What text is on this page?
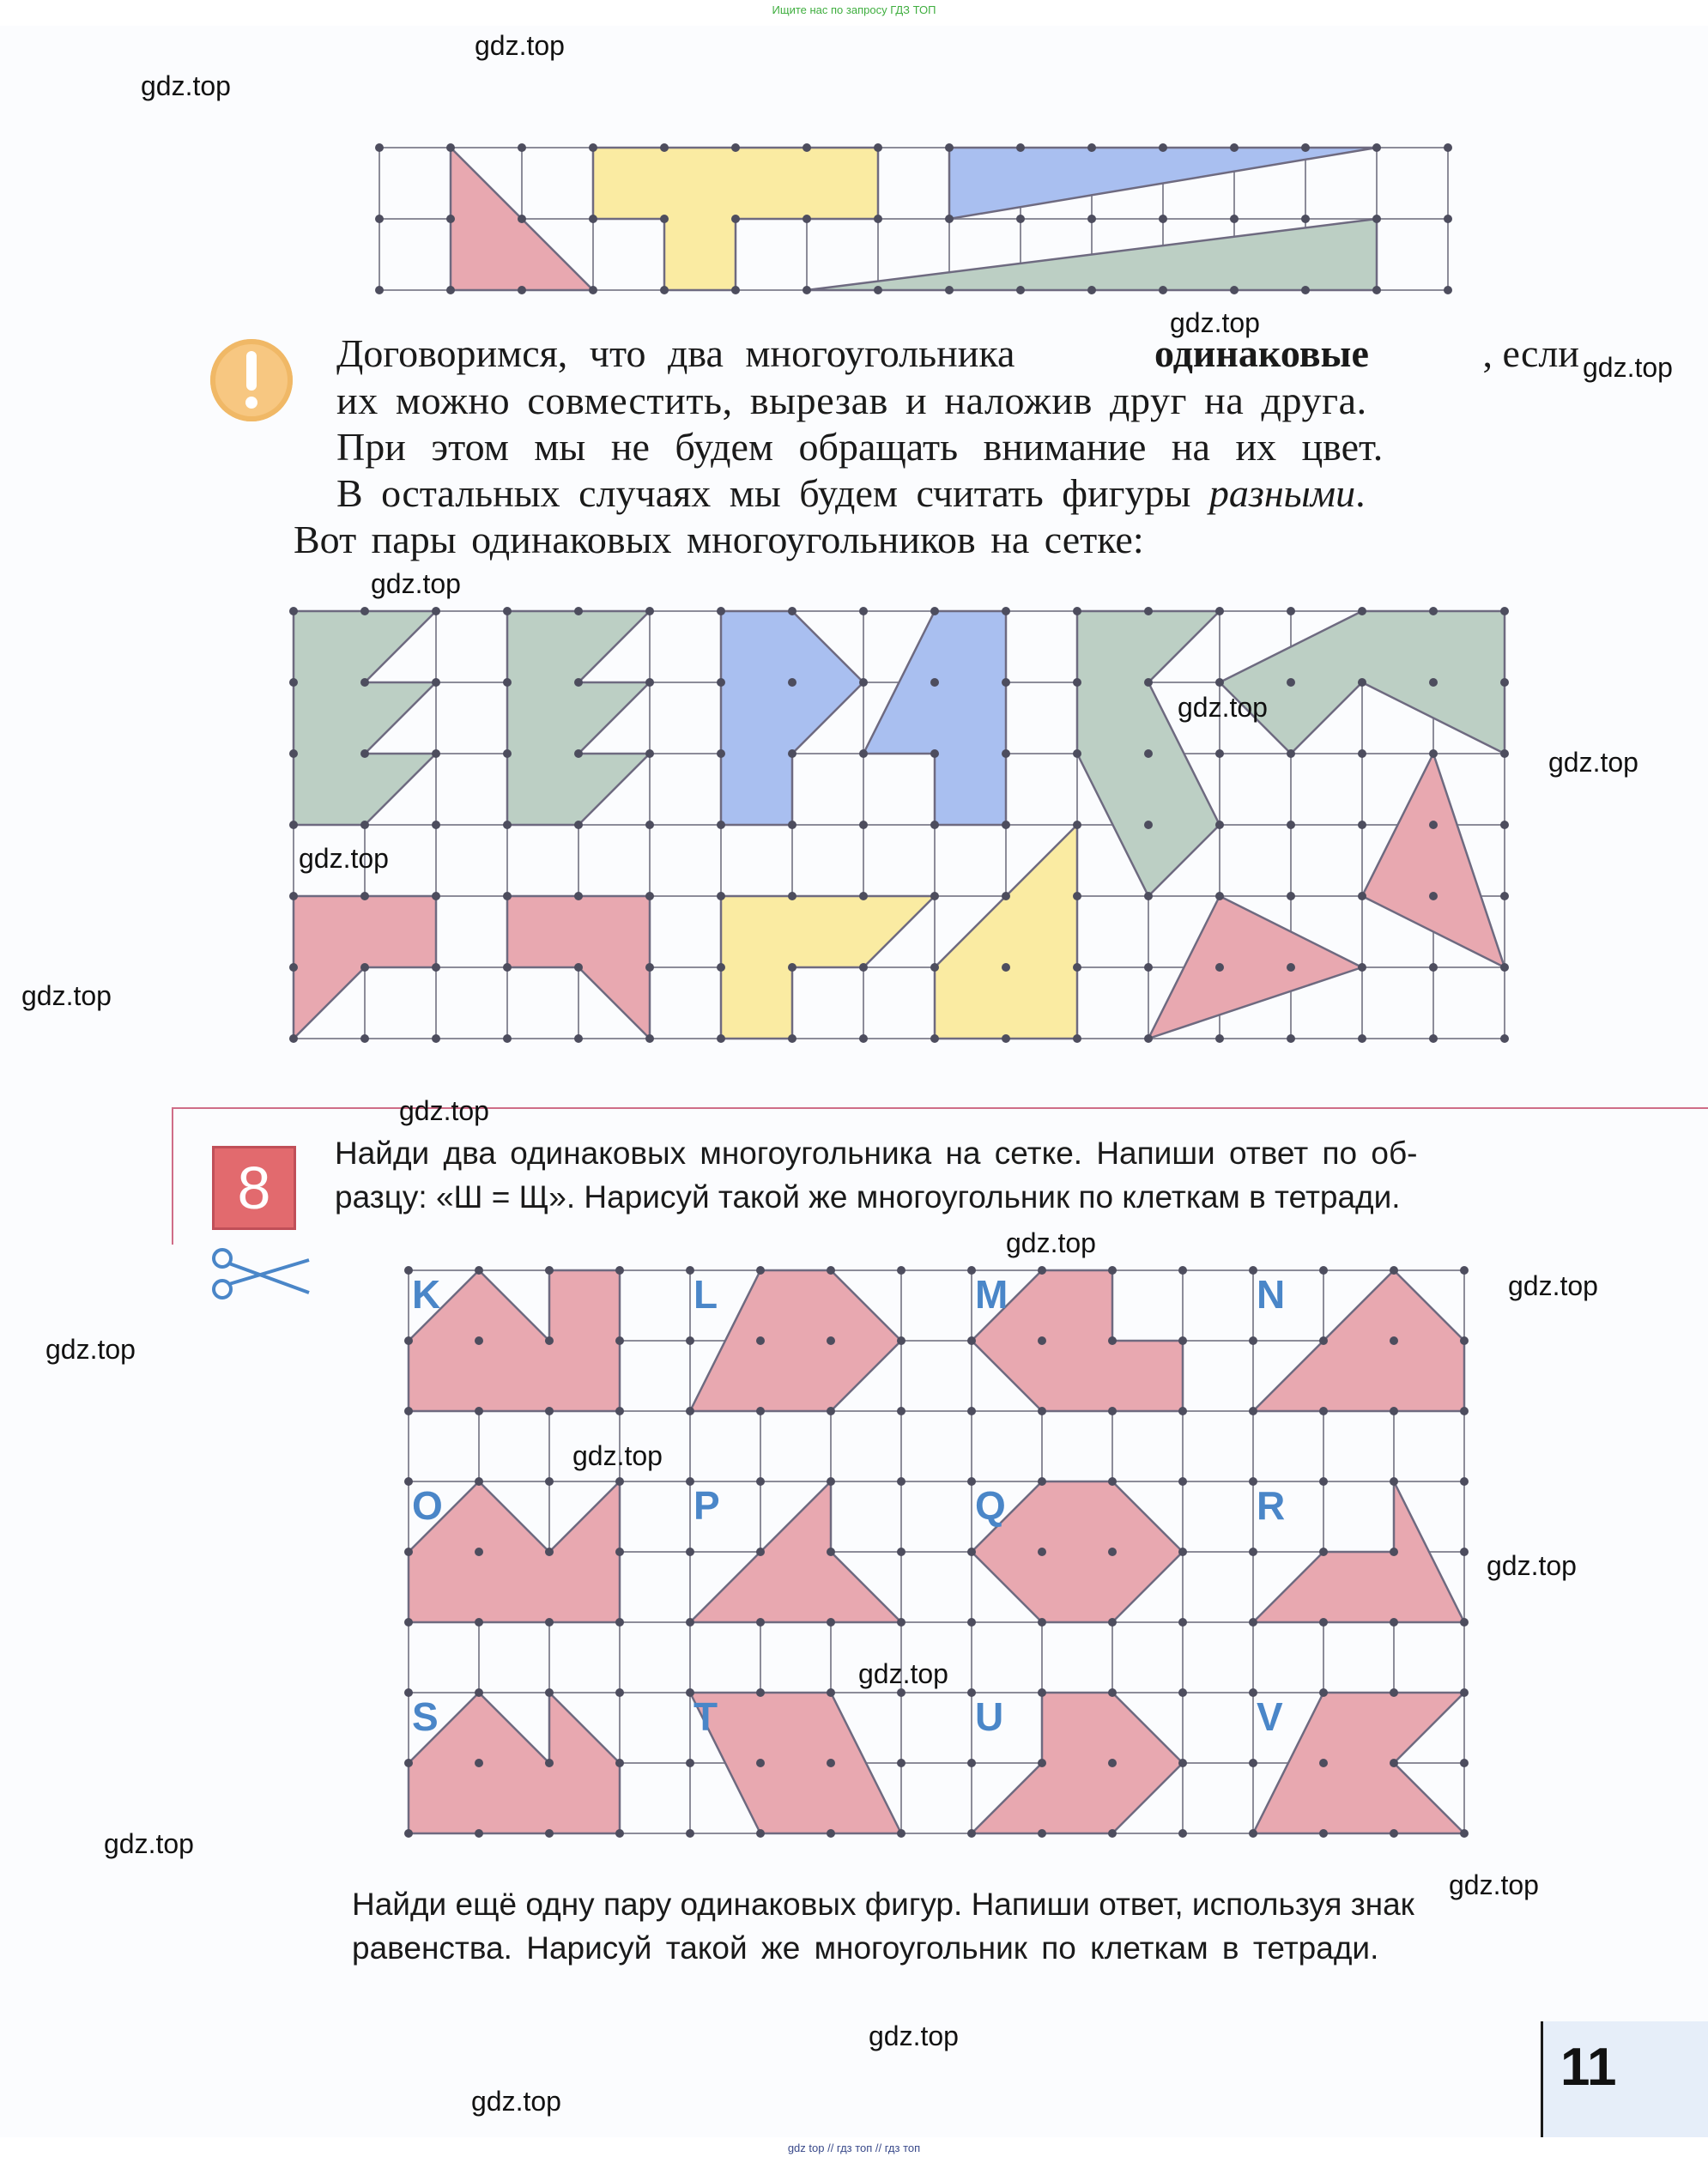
Ищите нас по запросу ГДЗ ТОП
Договоримся, что два многоугольника	одинаковые	, если
их можно совместить, вырезав и наложив друг на друга.
При этом мы не будем обращать внимание на их цвет.
В остальных случаях мы будем считать фигуры разными.
Вот пары одинаковых многоугольников на сетке:
8
Найди два одинаковых многоугольника на сетке. Напиши ответ по об-
разцу: «Ш = Щ». Нарисуй такой же многоугольник по клеткам в тетради.
K	L	M	N
O	P	Q	R
S	T	U	V
Найди ещё одну пару одинаковых фигур. Напиши ответ, используя знак
равенства. Нарисуй такой же многоугольник по клеткам в тетради.
11
gdz.top
gdz.top
gdz.top
gdz.top
gdz.top
gdz.top
gdz.top
gdz.top
gdz.top
gdz.top
gdz.top
gdz.top
gdz.top
gdz.top
gdz.top
gdz.top
gdz.top
gdz.top
gdz.top
gdz.top
gdz top // гдз топ // гдз топ
